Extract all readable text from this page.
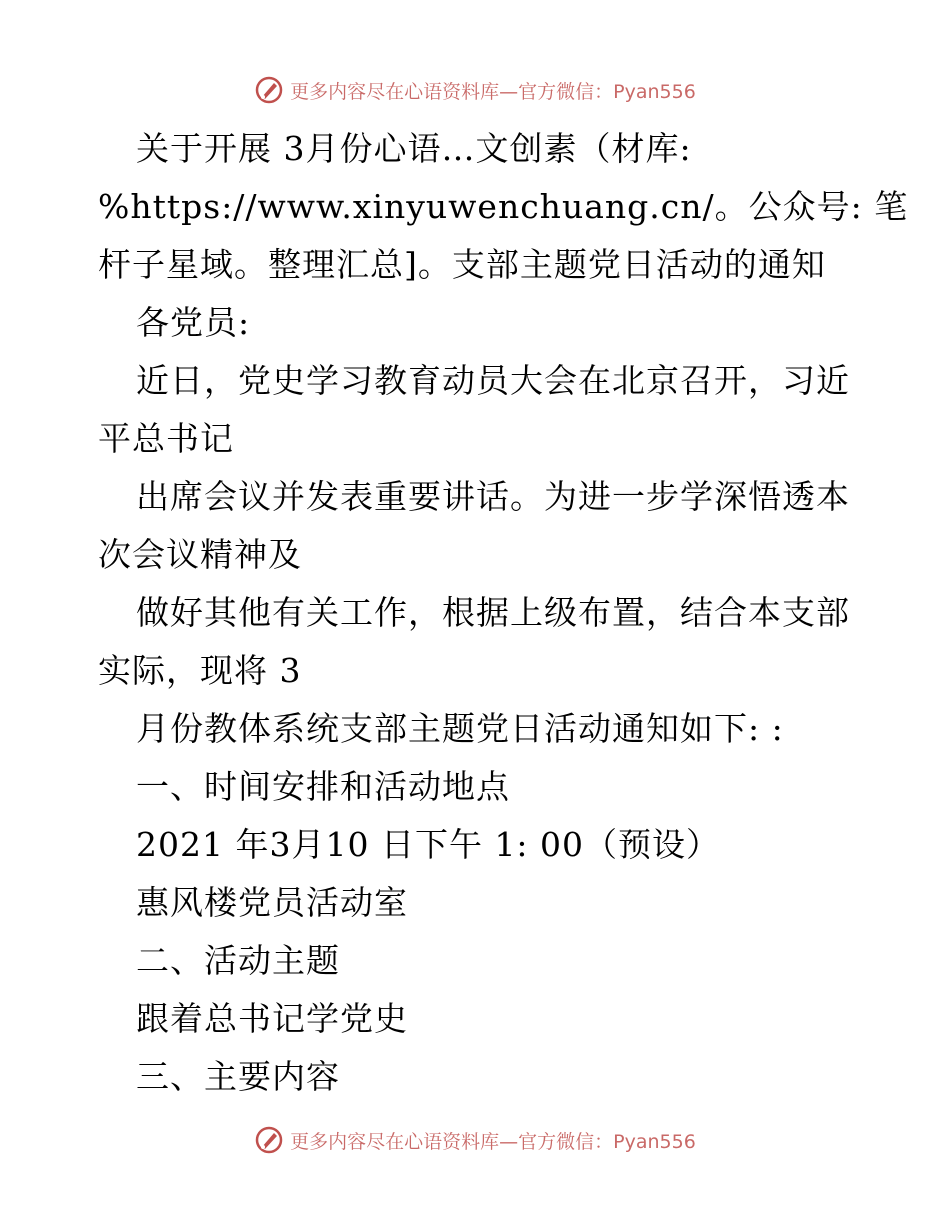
更多内容尽在心语资料库—官方微信：Pyan556
关于开展 3月份心语…文创素（材库:
%https://www.xinyuwenchuang.cn/。公众号: 笔
杆子星域。整理汇总]。支部主题党日活动的通知
各党员:
近日，党史学习教育动员大会在北京召开，习近
平总书记
出席会议并发表重要讲话。为进一步学深悟透本
次会议精神及
做好其他有关工作，根据上级布置，结合本支部
实际，现将 3
月份教体系统支部主题党日活动通知如下: :
一、时间安排和活动地点
2021 年3月10 日下午 1: 00（预设）
惠风楼党员活动室
二、活动主题
跟着总书记学党史
三、主要内容
更多内容尽在心语资料库—官方微信：Pyan556
